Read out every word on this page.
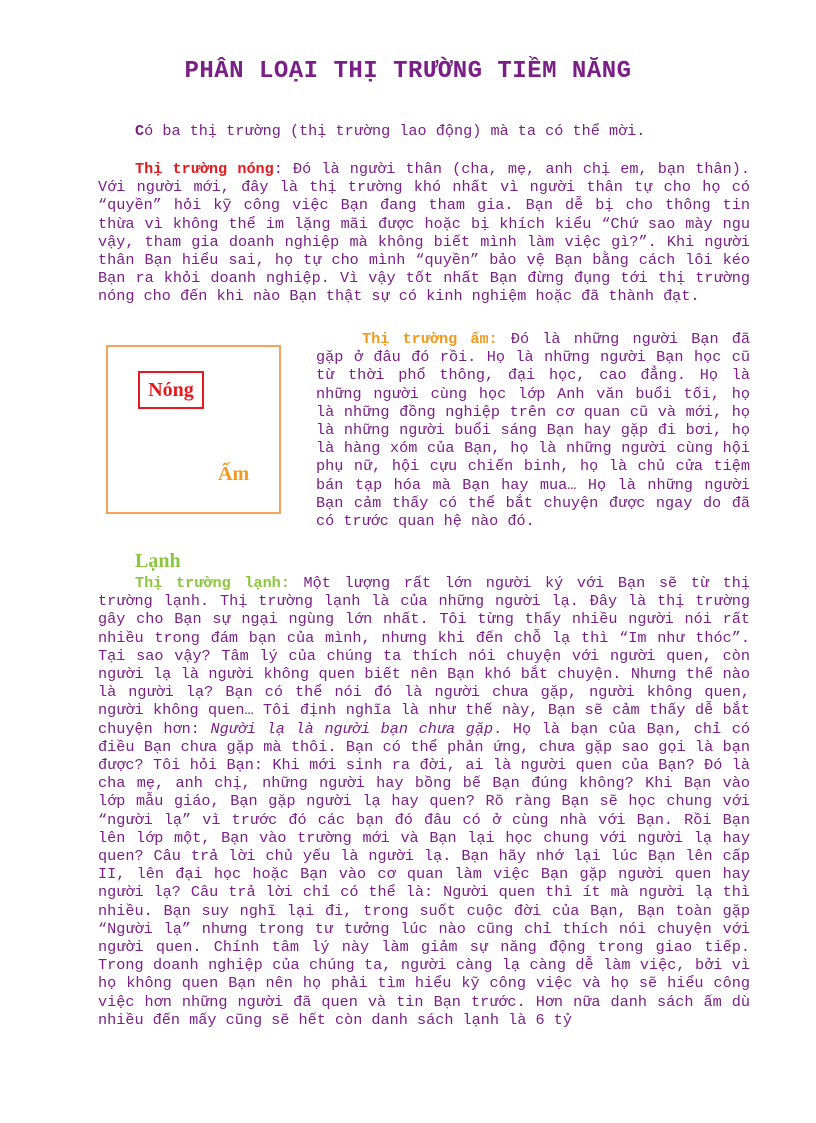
PHÂN LOẠI THỊ TRƯỜNG TIỀM NĂNG
Có ba thị trường (thị trường lao động) mà ta có thể mời.
Thị trường nóng: Đó là người thân (cha, mẹ, anh chị em, bạn thân). Với người mới, đây là thị trường khó nhất vì người thân tự cho họ có “quyền” hỏi kỹ công việc Bạn đang tham gia. Bạn dễ bị cho thông tin thừa vì không thể im lặng mãi được hoặc bị khích kiểu “Chứ sao mày ngu vậy, tham gia doanh nghiệp mà không biết mình làm việc gì?”. Khi người thân Bạn hiểu sai, họ tự cho mình “quyền” bảo vệ Bạn bằng cách lôi kéo Bạn ra khỏi doanh nghiệp. Vì vậy tốt nhất Bạn đừng đụng tới thị trường nóng cho đến khi nào Bạn thật sự có kinh nghiệm hoặc đã thành đạt.
Nóng
Ấm
Thị trường ấm: Đó là những người Bạn đã gặp ở đâu đó rồi. Họ là những người Bạn học cũ từ thời phổ thông, đại học, cao đẳng. Họ là những người cùng học lớp Anh văn buổi tối, họ là những đồng nghiệp trên cơ quan cũ và mới, họ là những người buổi sáng Bạn hay gặp đi bơi, họ là hàng xóm của Bạn, họ là những người cùng hội phụ nữ, hội cựu chiến binh, họ là chủ cửa tiệm bán tạp hóa mà Bạn hay mua… Họ là những người Bạn cảm thấy có thể bắt chuyện được ngay do đã có trước quan hệ nào đó.
Lạnh
Thị trường lạnh: Một lượng rất lớn người ký với Bạn sẽ từ thị trường lạnh. Thị trường lạnh là của những người lạ. Đây là thị trường gây cho Bạn sự ngại ngùng lớn nhất. Tôi từng thấy nhiều người nói rất nhiều trong đám bạn của mình, nhưng khi đến chỗ lạ thì “Im như thóc”. Tại sao vậy? Tâm lý của chúng ta thích nói chuyện với người quen, còn người lạ là người không quen biết nên Bạn khó bắt chuyện. Nhưng thế nào là người lạ? Bạn có thể nói đó là người chưa gặp, người không quen, người không quen… Tôi định nghĩa là như thế này, Bạn sẽ cảm thấy dễ bắt chuyện hơn: Người lạ là người bạn chưa gặp. Họ là bạn của Bạn, chỉ có điều Bạn chưa gặp mà thôi. Bạn có thể phản ứng, chưa gặp sao gọi là bạn được? Tôi hỏi Bạn: Khi mới sinh ra đời, ai là người quen của Bạn? Đó là cha mẹ, anh chị, những người hay bồng bế Bạn đúng không? Khi Bạn vào lớp mẫu giáo, Bạn gặp người lạ hay quen? Rõ ràng Bạn sẽ học chung với “người lạ” vì trước đó các bạn đó đâu có ở cùng nhà với Bạn. Rồi Bạn lên lớp một, Bạn vào trường mới và Bạn lại học chung với người lạ hay quen? Câu trả lời chủ yếu là người lạ. Bạn hãy nhớ lại lúc Bạn lên cấp II, lên đại học hoặc Bạn vào cơ quan làm việc Bạn gặp người quen hay người lạ? Câu trả lời chỉ có thể là: Người quen thì ít mà người lạ thì nhiều. Bạn suy nghĩ lại đi, trong suốt cuộc đời của Bạn, Bạn toàn gặp “Người lạ” nhưng trong tư tưởng lúc nào cũng chỉ thích nói chuyện với người quen. Chính tâm lý này làm giảm sự năng động trong giao tiếp. Trong doanh nghiệp của chúng ta, người càng lạ càng dễ làm việc, bởi vì họ không quen Bạn nên họ phải tìm hiểu kỹ công việc và họ sẽ hiểu công việc hơn những người đã quen và tin Bạn trước. Hơn nữa danh sách ấm dù nhiều đến mấy cũng sẽ hết còn danh sách lạnh là 6 tỷ
